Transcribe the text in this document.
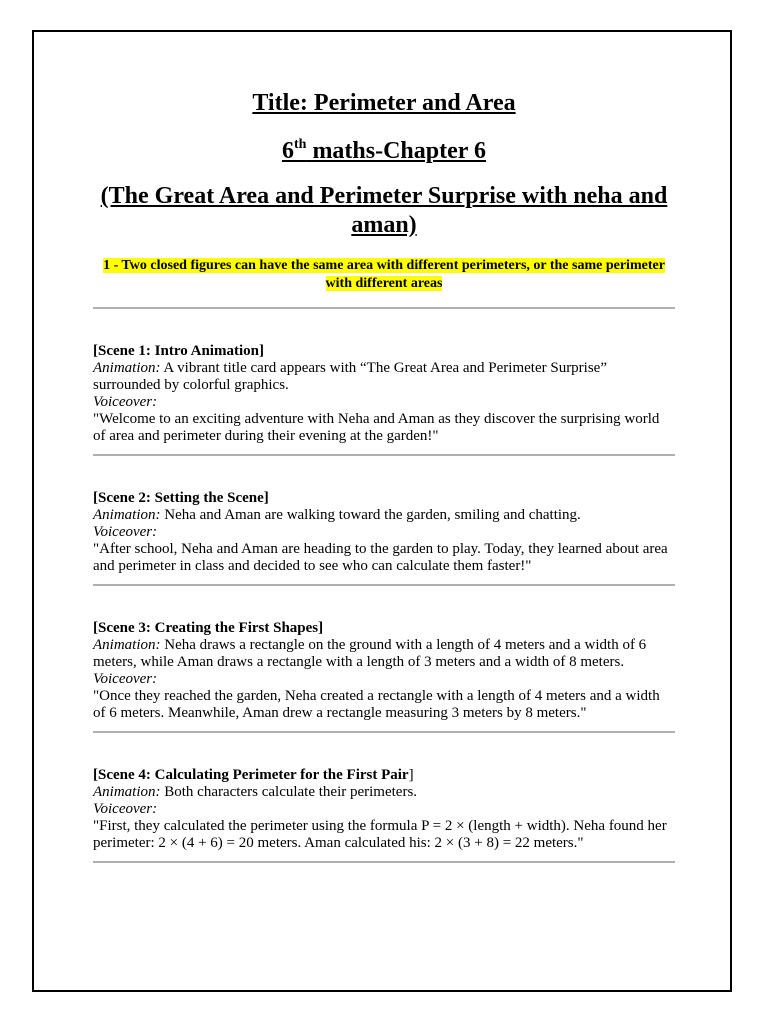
Title: Perimeter and Area
6th maths-Chapter 6
(The Great Area and Perimeter Surprise with neha and aman)
1 - Two closed figures can have the same area with different perimeters, or the same perimeter with different areas
[Scene 1: Intro Animation]
Animation: A vibrant title card appears with “The Great Area and Perimeter Surprise” surrounded by colorful graphics.
Voiceover:
"Welcome to an exciting adventure with Neha and Aman as they discover the surprising world of area and perimeter during their evening at the garden!"
[Scene 2: Setting the Scene]
Animation: Neha and Aman are walking toward the garden, smiling and chatting.
Voiceover:
"After school, Neha and Aman are heading to the garden to play. Today, they learned about area and perimeter in class and decided to see who can calculate them faster!"
[Scene 3: Creating the First Shapes]
Animation: Neha draws a rectangle on the ground with a length of 4 meters and a width of 6 meters, while Aman draws a rectangle with a length of 3 meters and a width of 8 meters.
Voiceover:
"Once they reached the garden, Neha created a rectangle with a length of 4 meters and a width of 6 meters. Meanwhile, Aman drew a rectangle measuring 3 meters by 8 meters."
[Scene 4: Calculating Perimeter for the First Pair]
Animation: Both characters calculate their perimeters.
Voiceover:
"First, they calculated the perimeter using the formula P = 2 × (length + width). Neha found her perimeter: 2 × (4 + 6) = 20 meters. Aman calculated his: 2 × (3 + 8) = 22 meters."
